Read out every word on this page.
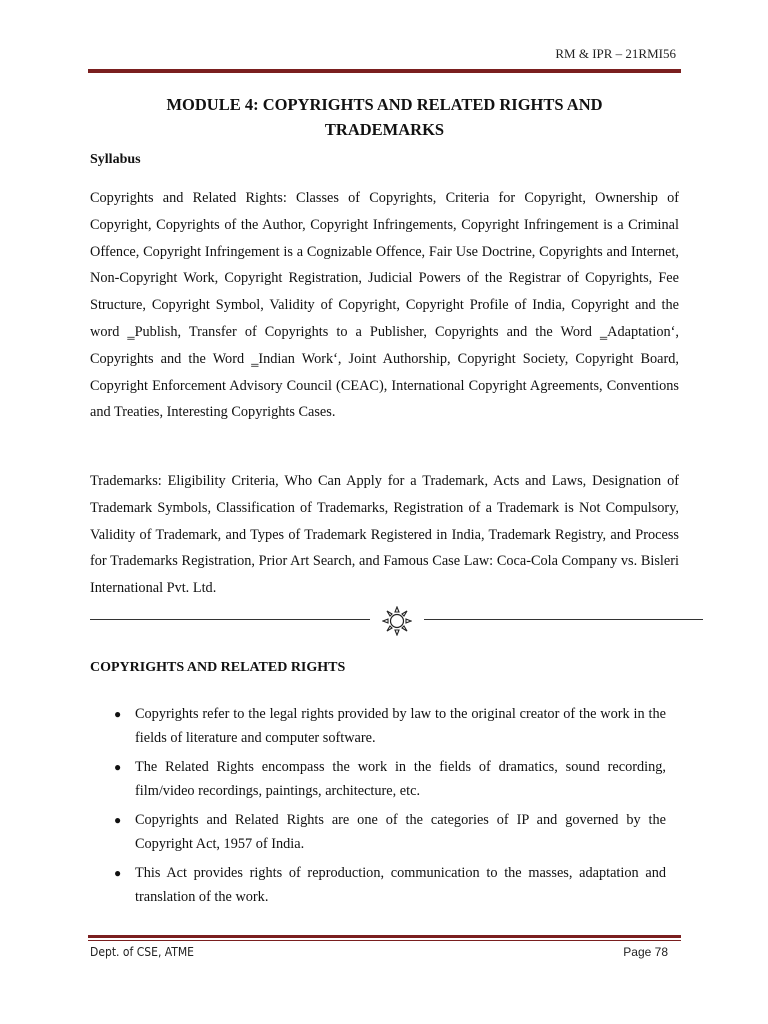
RM & IPR – 21RMI56
MODULE 4: COPYRIGHTS AND RELATED RIGHTS AND
TRADEMARKS
Syllabus
Copyrights and Related Rights: Classes of Copyrights, Criteria for Copyright, Ownership of Copyright, Copyrights of the Author, Copyright Infringements, Copyright Infringement is a Criminal Offence, Copyright Infringement is a Cognizable Offence, Fair Use Doctrine, Copyrights and Internet, Non-Copyright Work, Copyright Registration, Judicial Powers of the Registrar of Copyrights, Fee Structure, Copyright Symbol, Validity of Copyright, Copyright Profile of India, Copyright and the word ‗Publish, Transfer of Copyrights to a Publisher, Copyrights and the Word ‗Adaptation‘, Copyrights and the Word ‗Indian Work‘, Joint Authorship, Copyright Society, Copyright Board, Copyright Enforcement Advisory Council (CEAC), International Copyright Agreements, Conventions and Treaties, Interesting Copyrights Cases.
Trademarks: Eligibility Criteria, Who Can Apply for a Trademark, Acts and Laws, Designation of Trademark Symbols, Classification of Trademarks, Registration of a Trademark is Not Compulsory, Validity of Trademark, and Types of Trademark Registered in India, Trademark Registry, and Process for Trademarks Registration, Prior Art Search, and Famous Case Law: Coca-Cola Company vs. Bisleri International Pvt. Ltd.
COPYRIGHTS AND RELATED RIGHTS
● Copyrights refer to the legal rights provided by law to the original creator of the work in the fields of literature and computer software.
● The Related Rights encompass the work in the fields of dramatics, sound recording, film/video recordings, paintings, architecture, etc.
● Copyrights and Related Rights are one of the categories of IP and governed by the Copyright Act, 1957 of India.
● This Act provides rights of reproduction, communication to the masses, adaptation and translation of the work.
Dept. of CSE, ATME	Page 78
